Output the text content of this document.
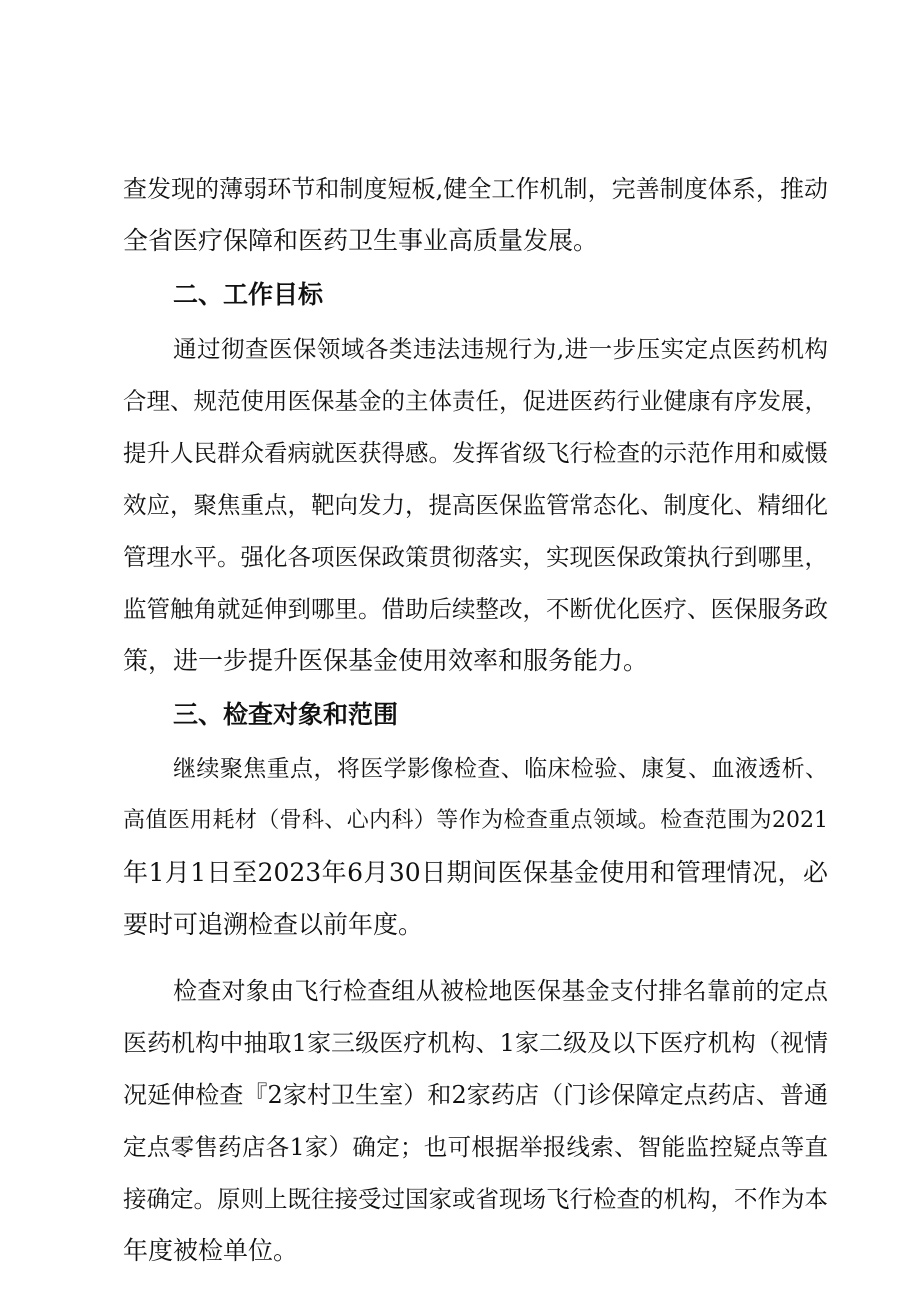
查发现的薄弱环节和制度短板,健全工作机制，完善制度体系，推动
全省医疗保障和医药卫生事业高质量发展。
二、工作目标
通过彻查医保领域各类违法违规行为,进一步压实定点医药机构
合理、规范使用医保基金的主体责任，促进医药行业健康有序发展，
提升人民群众看病就医获得感。发挥省级飞行检查的示范作用和威慑
效应，聚焦重点，靶向发力，提高医保监管常态化、制度化、精细化
管理水平。强化各项医保政策贯彻落实，实现医保政策执行到哪里，
监管触角就延伸到哪里。借助后续整改，不断优化医疗、医保服务政
策，进一步提升医保基金使用效率和服务能力。
三、检查对象和范围
继续聚焦重点，将医学影像检查、临床检验、康复、血液透析、
高值医用耗材（骨科、心内科）等作为检查重点领域。检查范围为2021
年1月1日至2023年6月30日期间医保基金使用和管理情况，必
要时可追溯检查以前年度。
检查对象由飞行检查组从被检地医保基金支付排名靠前的定点
医药机构中抽取1家三级医疗机构、1家二级及以下医疗机构（视情
况延伸检查『2家村卫生室）和2家药店（门诊保障定点药店、普通
定点零售药店各1家）确定；也可根据举报线索、智能监控疑点等直
接确定。原则上既往接受过国家或省现场飞行检查的机构，不作为本
年度被检单位。
